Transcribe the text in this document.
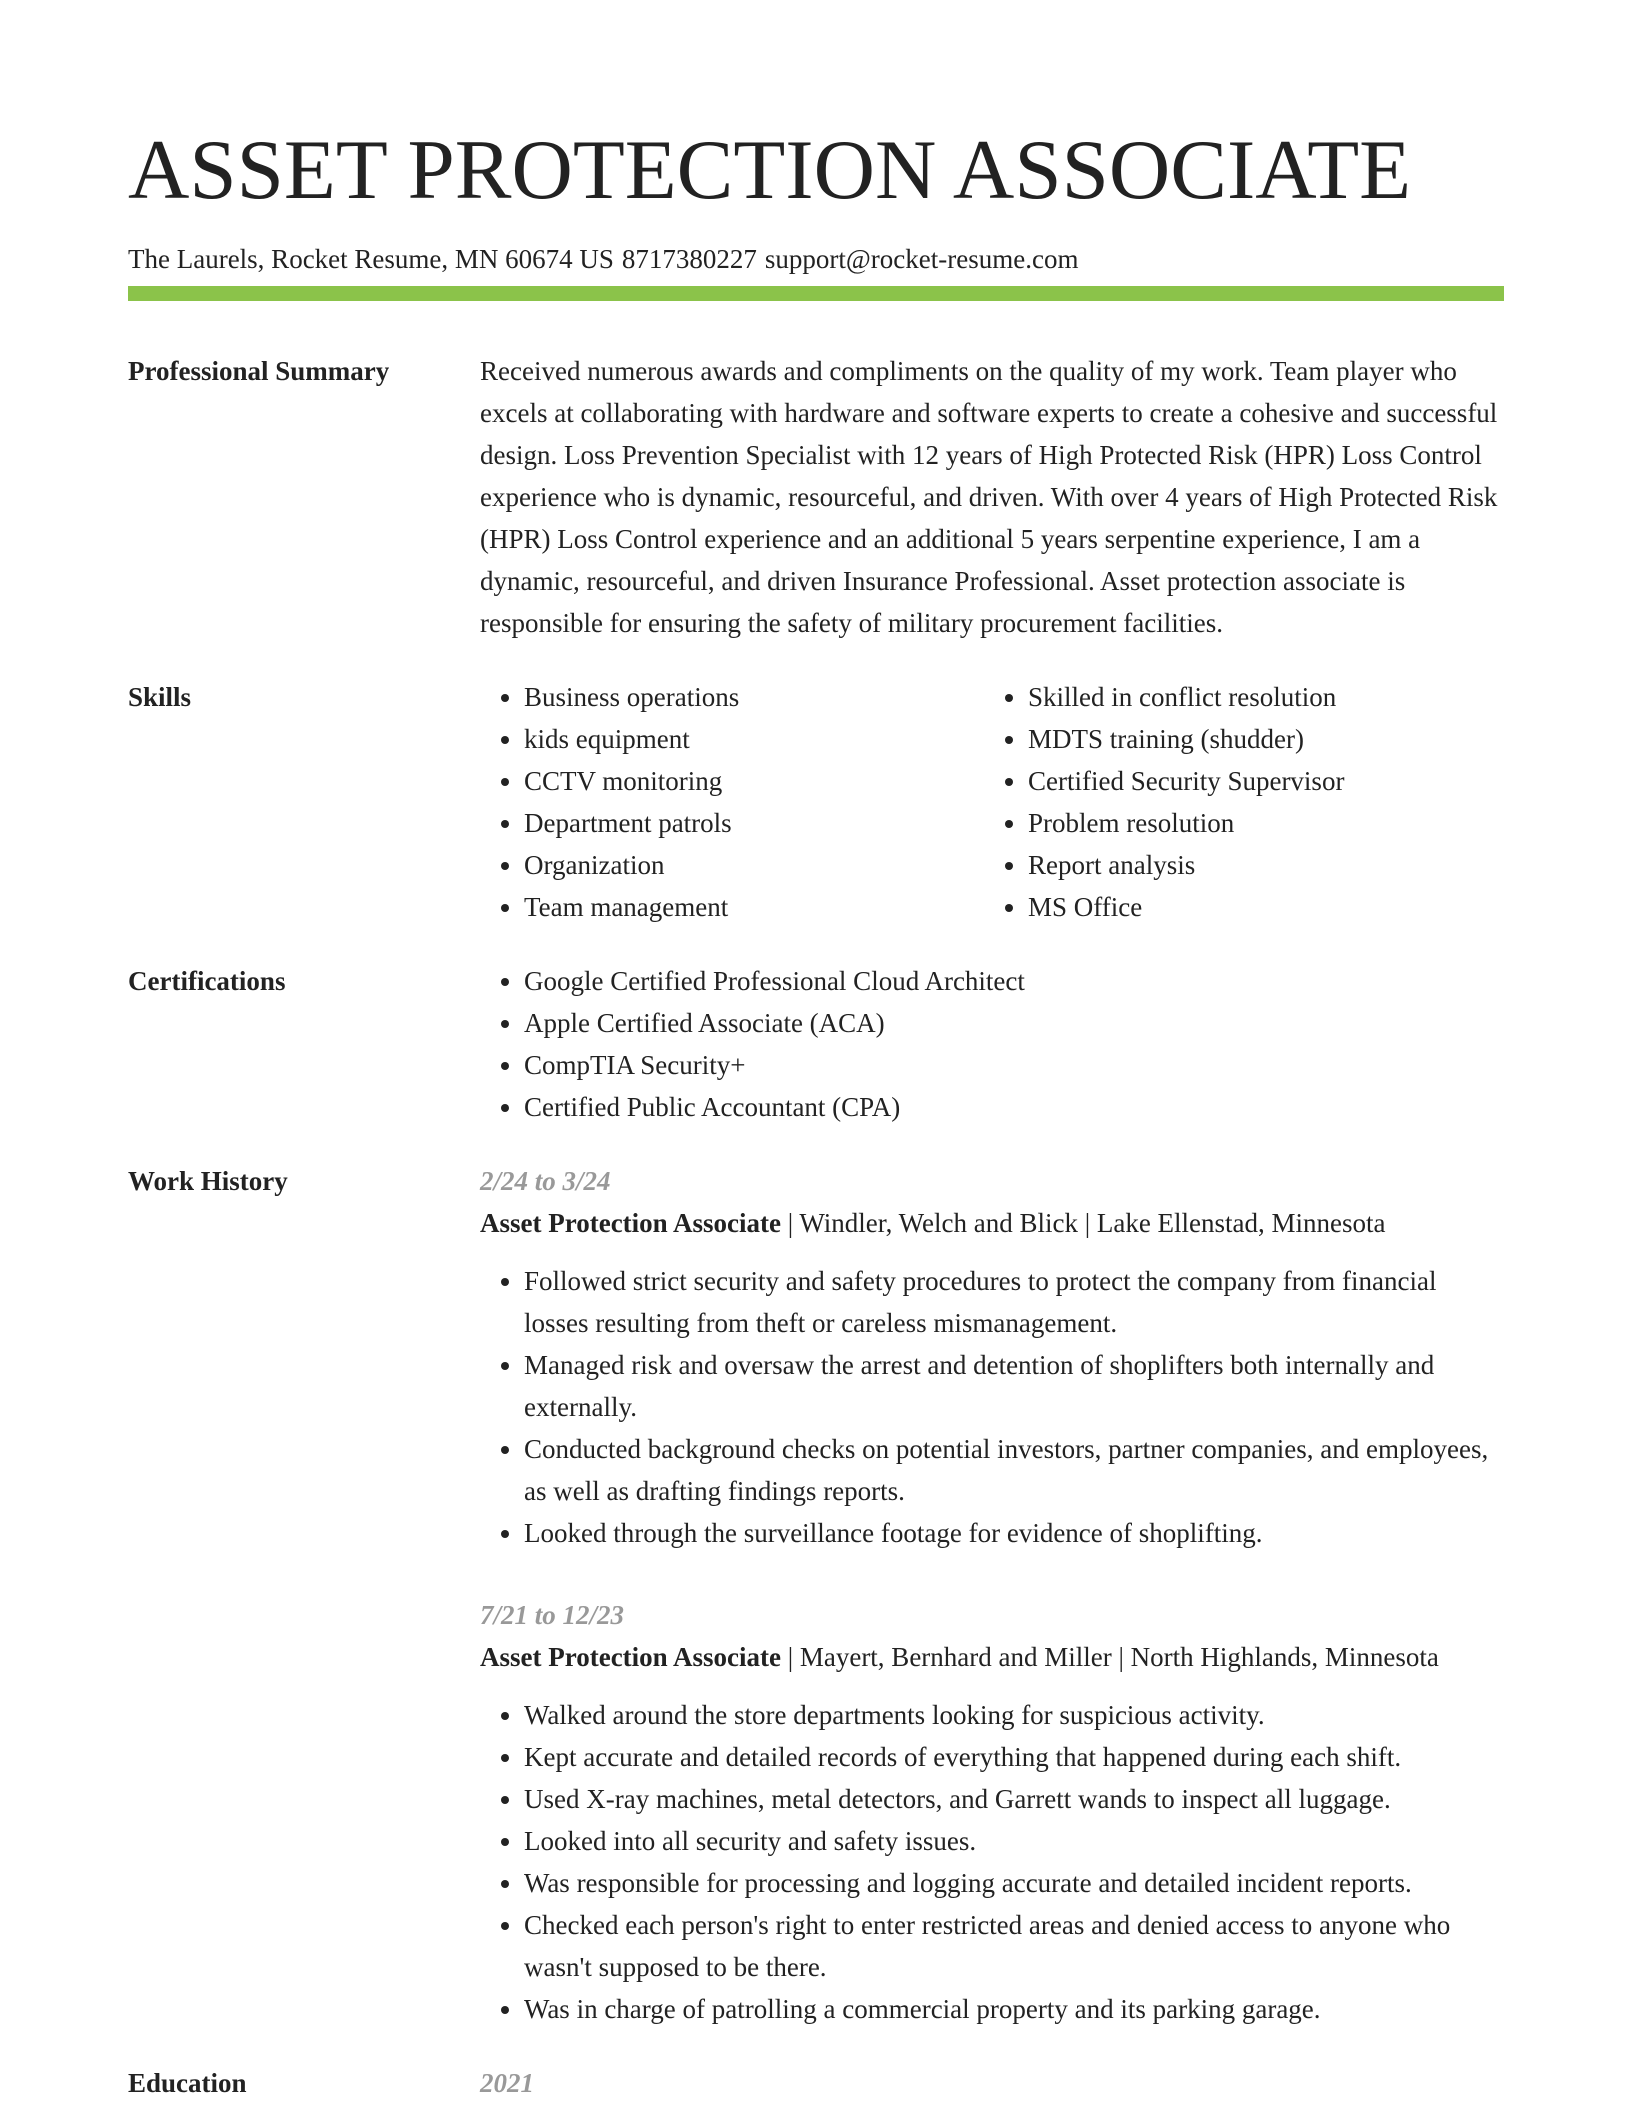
ASSET PROTECTION ASSOCIATE
The Laurels, Rocket Resume, MN 60674 US 8717380227 support@rocket-resume.com
Professional Summary	Received numerous awards and compliments on the quality of my work. Team player who excels at collaborating with hardware and software experts to create a cohesive and successful design. Loss Prevention Specialist with 12 years of High Protected Risk (HPR) Loss Control experience who is dynamic, resourceful, and driven. With over 4 years of High Protected Risk (HPR) Loss Control experience and an additional 5 years serpentine experience, I am a dynamic, resourceful, and driven Insurance Professional. Asset protection associate is responsible for ensuring the safety of military procurement facilities.

Skills	• Business operations
• kids equipment
• CCTV monitoring
• Department patrols
• Organization
• Team management
• Skilled in conflict resolution
• MDTS training (shudder)
• Certified Security Supervisor
• Problem resolution
• Report analysis
• MS Office
Certifications	• Google Certified Professional Cloud Architect
• Apple Certified Associate (ACA)
• CompTIA Security+
• Certified Public Accountant (CPA)
Work History	2/24 to 3/24
Asset Protection Associate | Windler, Welch and Blick | Lake Ellenstad, Minnesota
• Followed strict security and safety procedures to protect the company from financial losses resulting from theft or careless mismanagement.
• Managed risk and oversaw the arrest and detention of shoplifters both internally and externally.
• Conducted background checks on potential investors, partner companies, and employees, as well as drafting findings reports.
• Looked through the surveillance footage for evidence of shoplifting.
7/21 to 12/23
Asset Protection Associate | Mayert, Bernhard and Miller | North Highlands, Minnesota
• Walked around the store departments looking for suspicious activity.
• Kept accurate and detailed records of everything that happened during each shift.
• Used X-ray machines, metal detectors, and Garrett wands to inspect all luggage.
• Looked into all security and safety issues.
• Was responsible for processing and logging accurate and detailed incident reports.
• Checked each person's right to enter restricted areas and denied access to anyone who wasn't supposed to be there.
• Was in charge of patrolling a commercial property and its parking garage.
Education	2021
